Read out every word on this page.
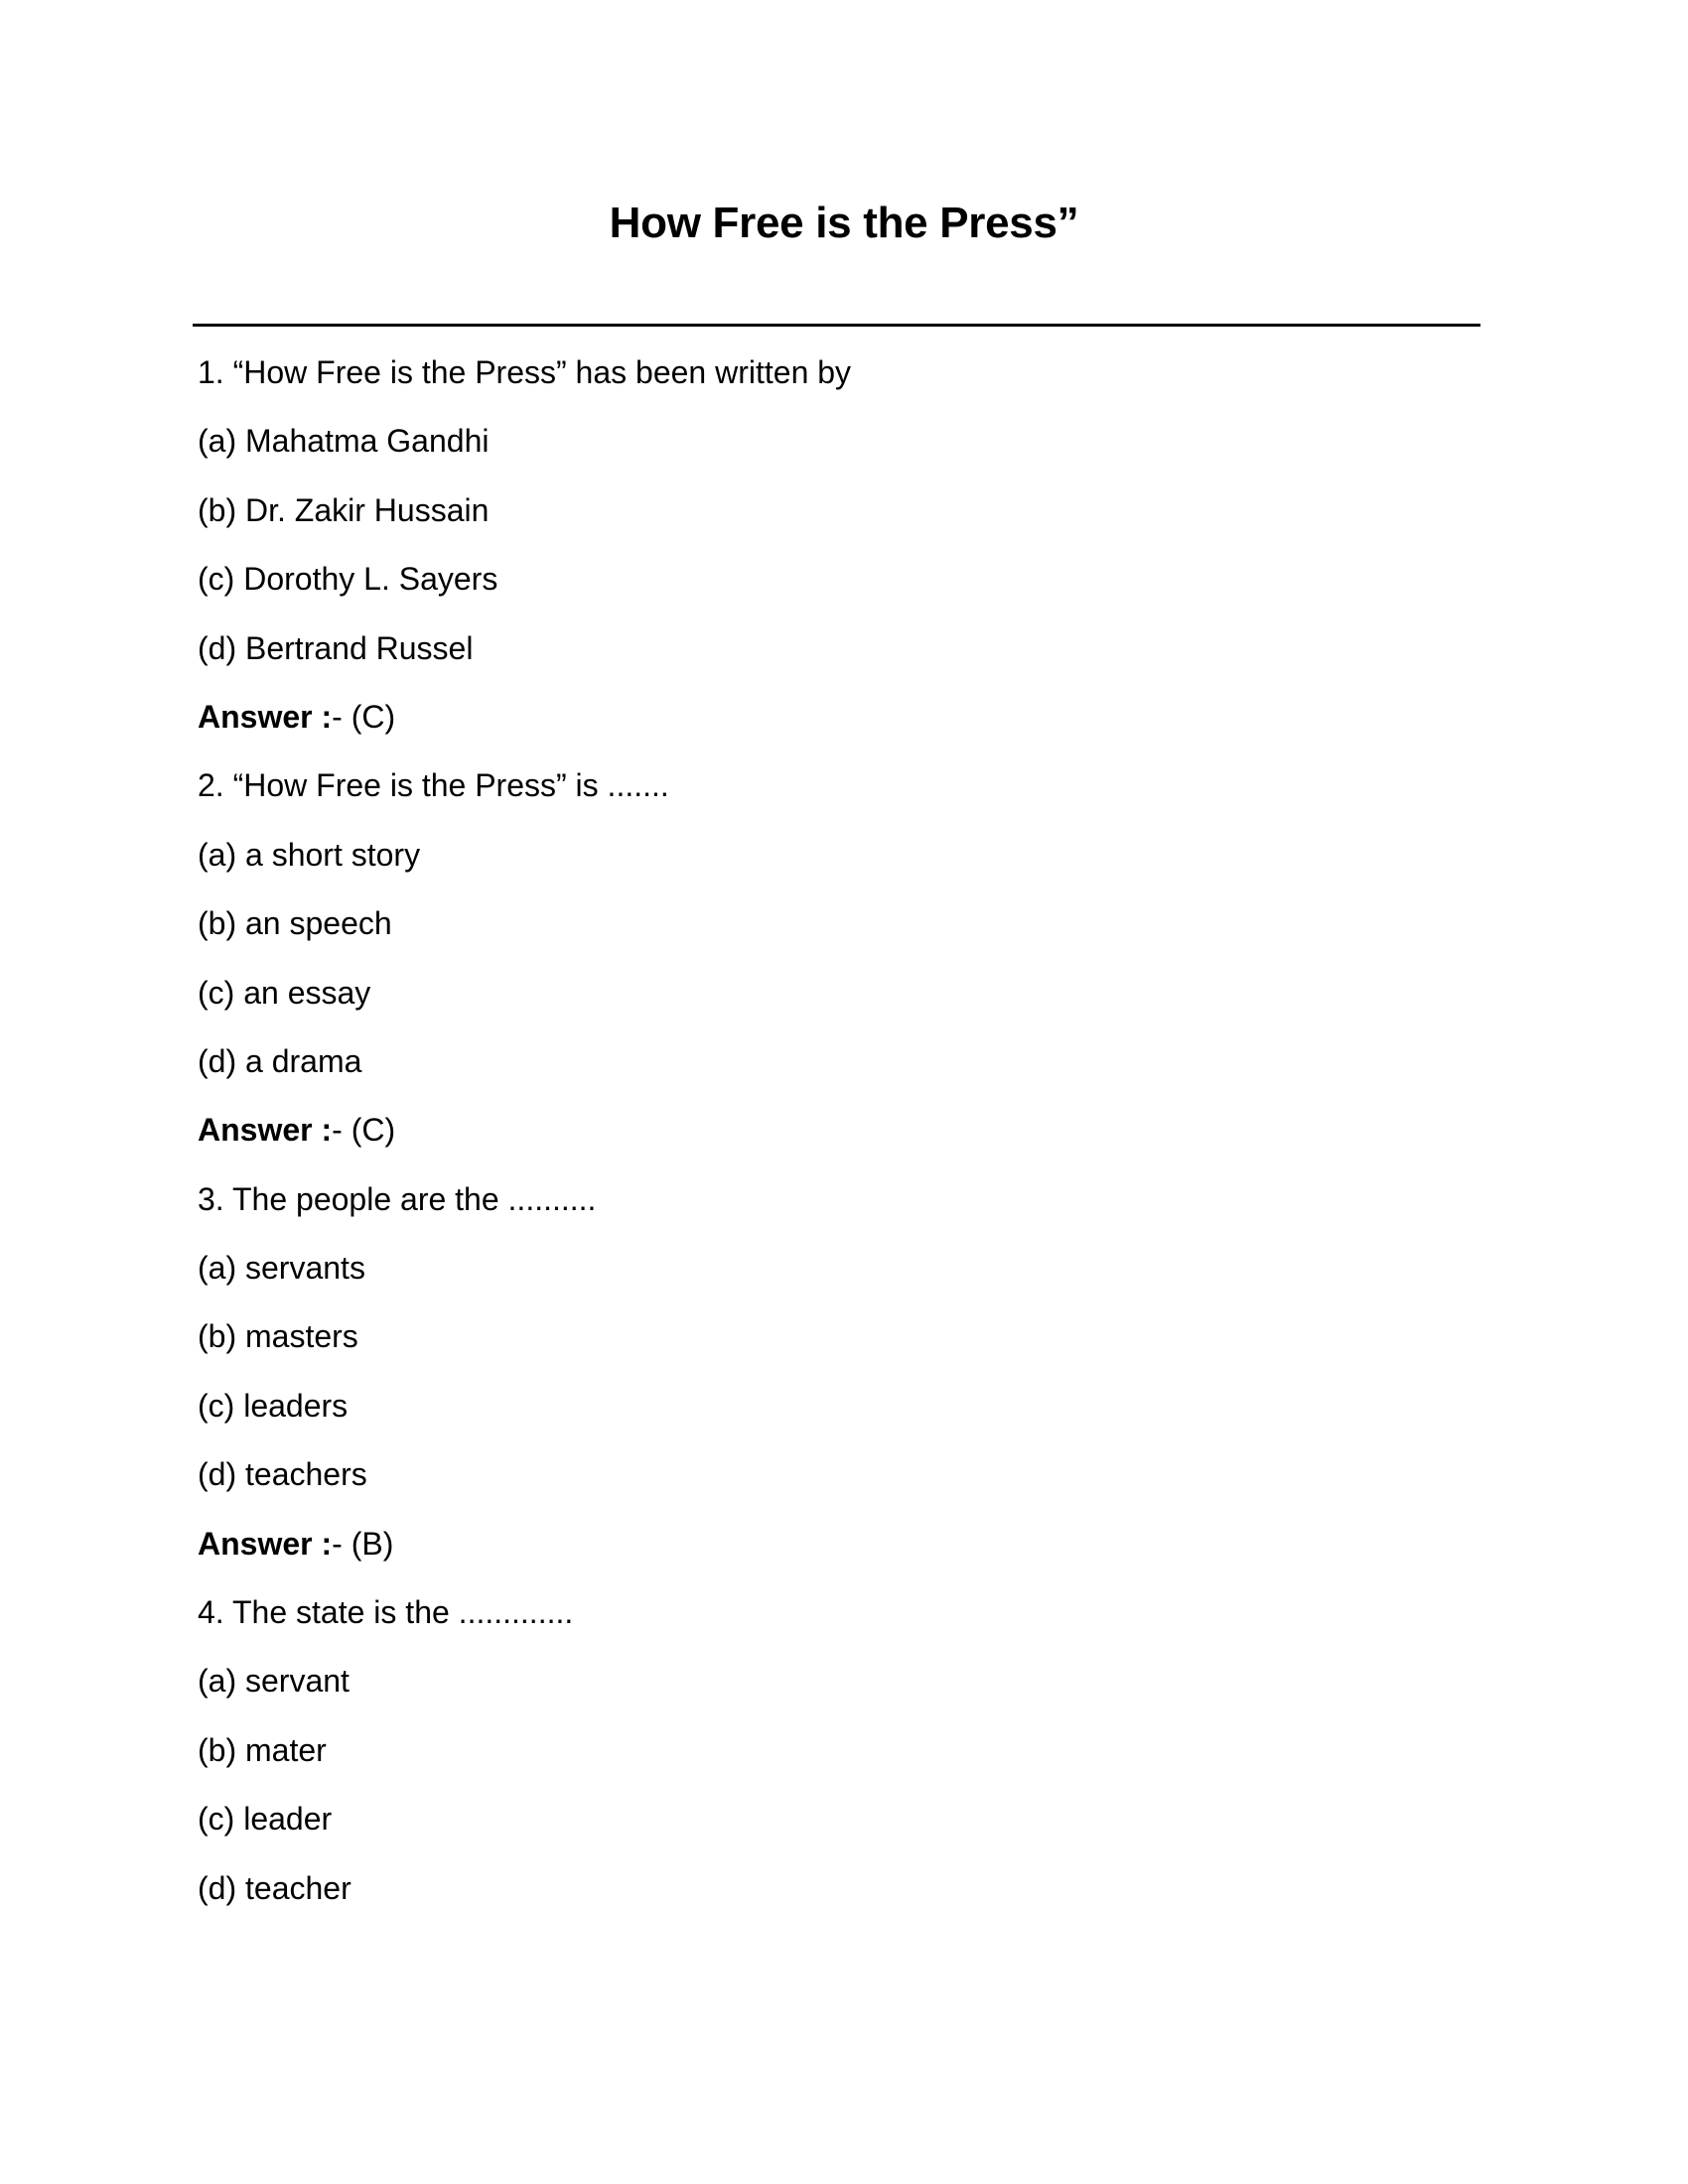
How Free is the Press”
1. “How Free is the Press” has been written by
(a) Mahatma Gandhi
(b) Dr. Zakir Hussain
(c) Dorothy L. Sayers
(d) Bertrand Russel
Answer :- (C)
2. “How Free is the Press” is .......
(a) a short story
(b) an speech
(c) an essay
(d) a drama
Answer :- (C)
3. The people are the ..........
(a) servants
(b) masters
(c) leaders
(d) teachers
Answer :- (B)
4. The state is the .............
(a) servant
(b) mater
(c) leader
(d) teacher
